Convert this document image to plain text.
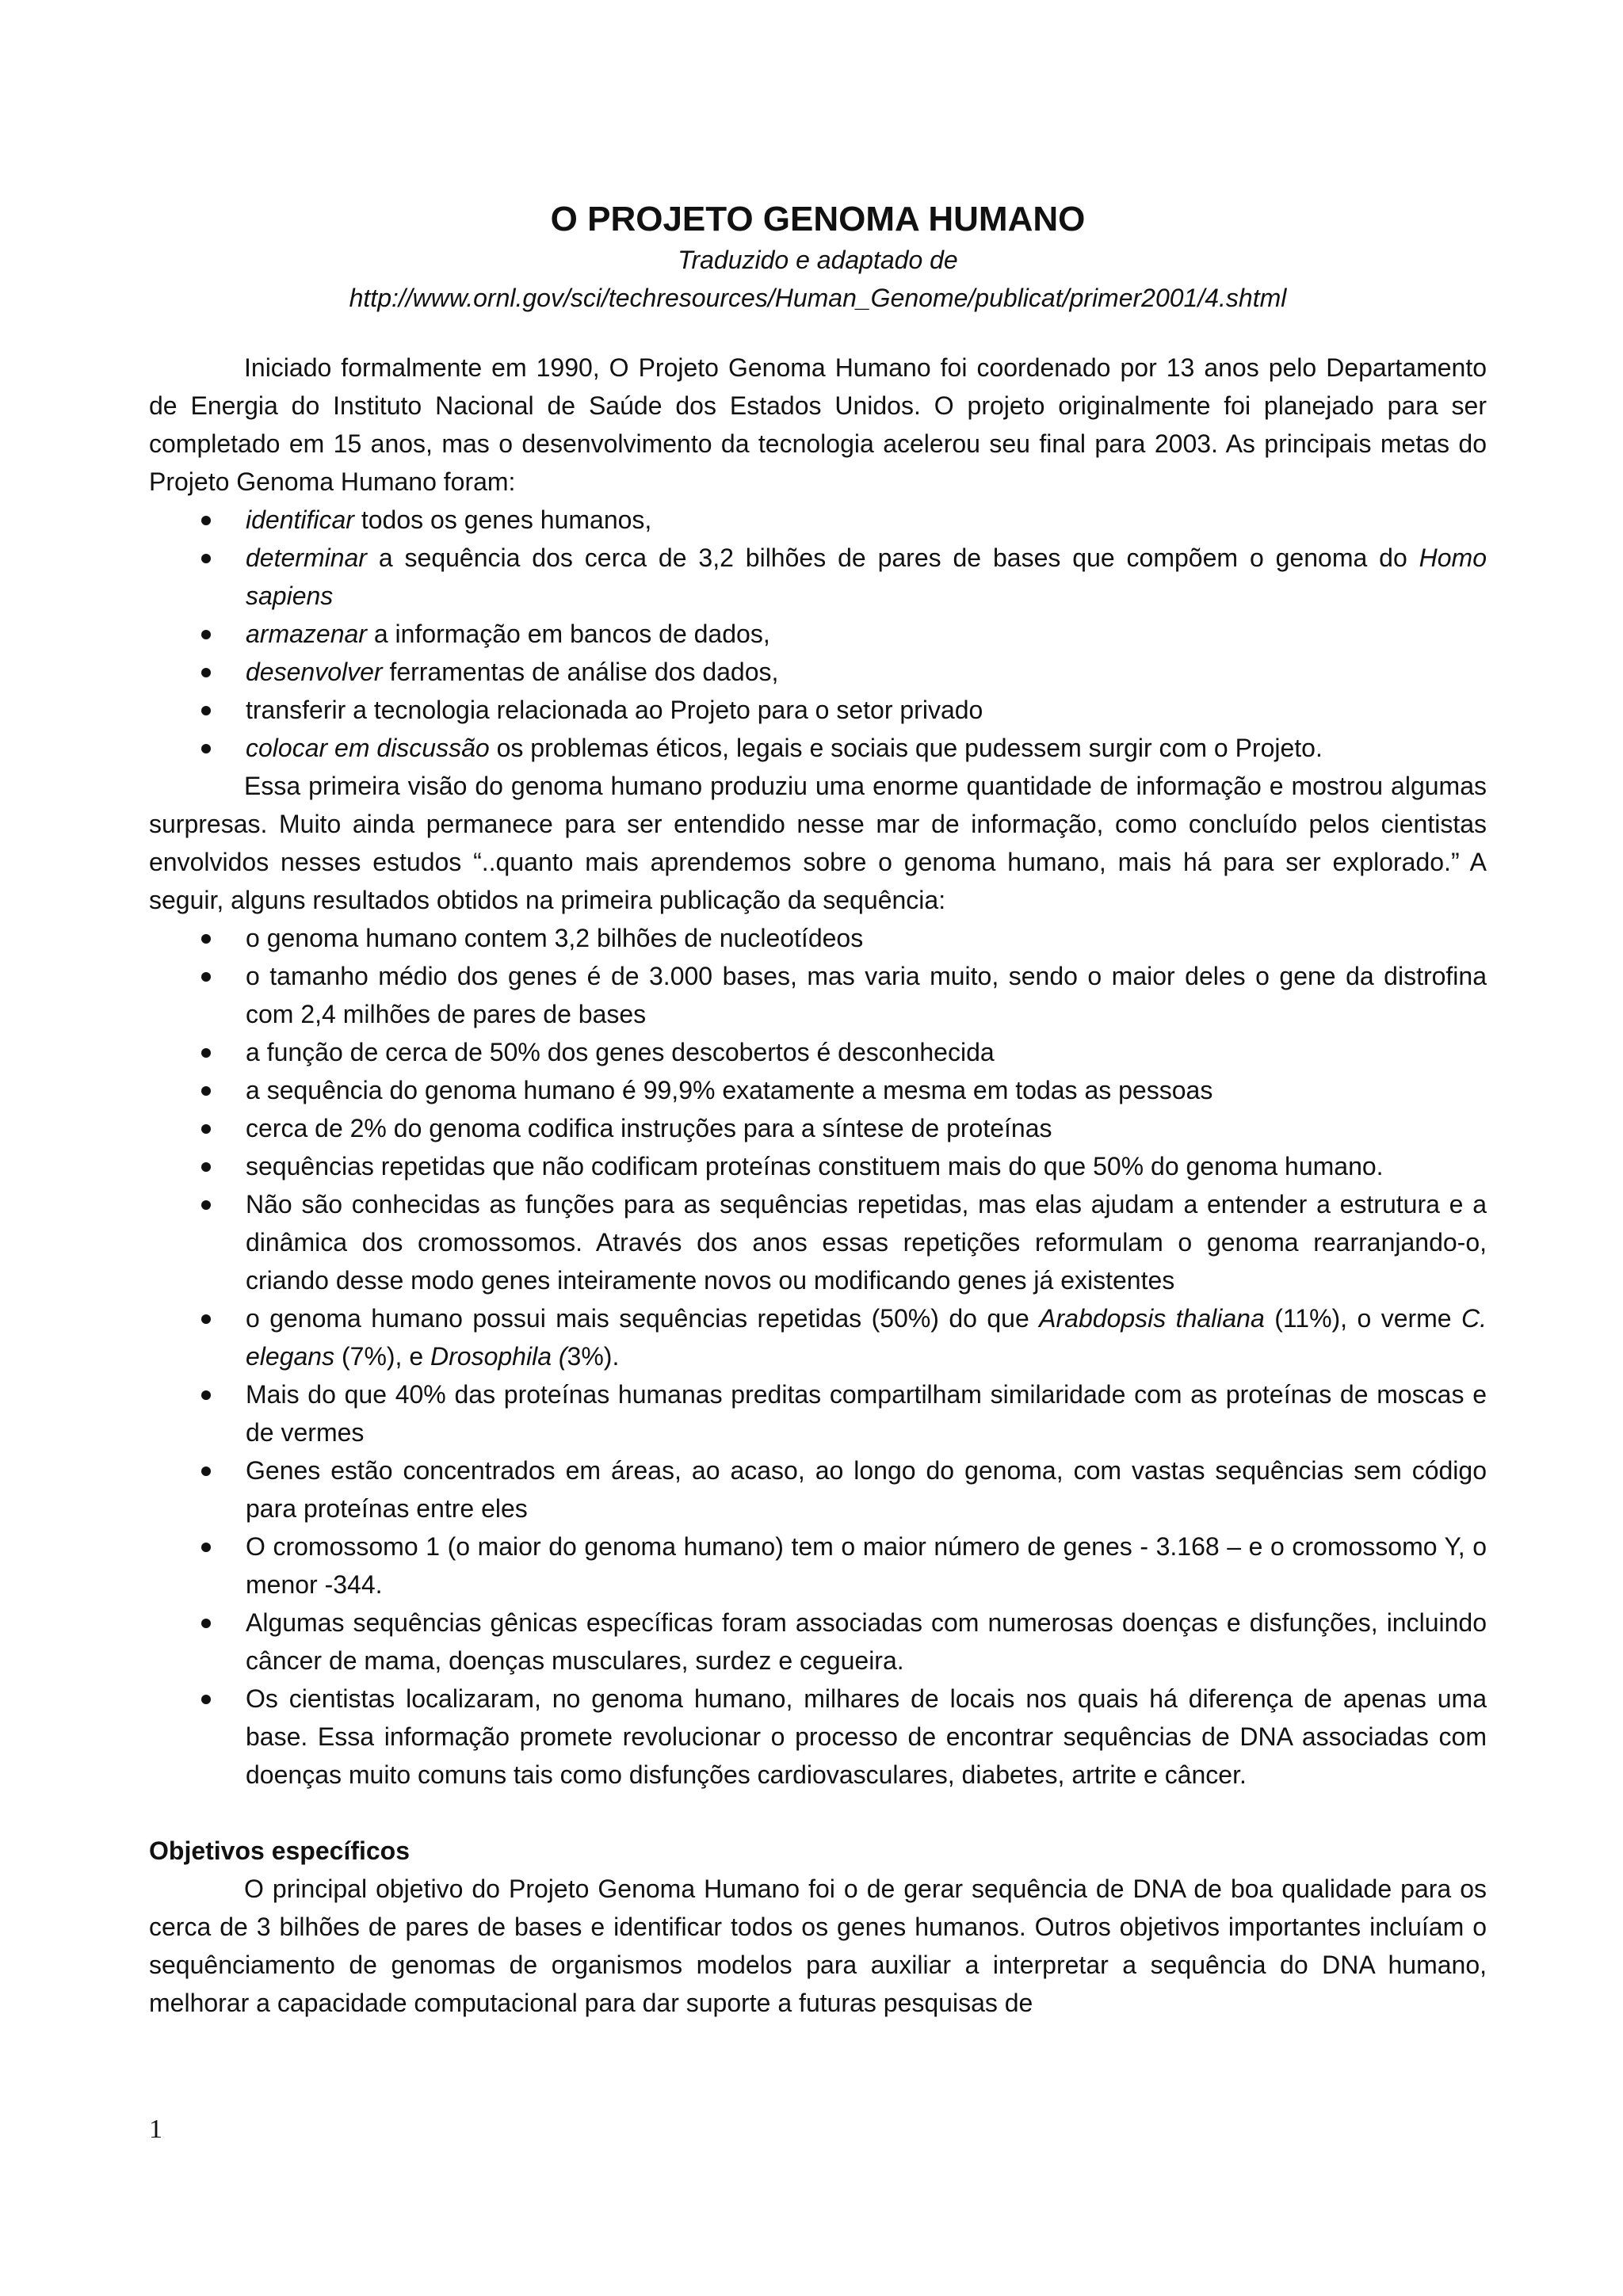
O PROJETO GENOMA HUMANO

Traduzido e adaptado de

http://www.ornl.gov/sci/techresources/Human_Genome/publicat/primer2001/4.shtml

Iniciado formalmente em 1990, O Projeto Genoma Humano foi coordenado por 13 anos pelo Departamento de Energia do Instituto Nacional de Saúde dos Estados Unidos. O projeto originalmente foi planejado para ser completado em 15 anos, mas o desenvolvimento da tecnologia acelerou seu final para 2003. As principais metas do Projeto Genoma Humano foram:

identificar todos os genes humanos,
determinar a sequência dos cerca de 3,2 bilhões de pares de bases que compõem o genoma do Homo sapiens
armazenar a informação em bancos de dados,
desenvolver ferramentas de análise dos dados,
transferir a tecnologia relacionada ao Projeto para o setor privado
colocar em discussão os problemas éticos, legais e sociais que pudessem surgir com o Projeto.

Essa primeira visão do genoma humano produziu uma enorme quantidade de informação e mostrou algumas surpresas. Muito ainda permanece para ser entendido nesse mar de informação, como concluído pelos cientistas envolvidos nesses estudos “..quanto mais aprendemos sobre o genoma humano, mais há para ser explorado.” A seguir, alguns resultados obtidos na primeira publicação da sequência:

o genoma humano contem 3,2 bilhões de nucleotídeos
o tamanho médio dos genes é de 3.000 bases, mas varia muito, sendo o maior deles o gene da distrofina com 2,4 milhões de pares de bases
a função de cerca de 50% dos genes descobertos é desconhecida
a sequência do genoma humano é 99,9% exatamente a mesma em todas as pessoas
cerca de 2% do genoma codifica instruções para a síntese de proteínas
sequências repetidas que não codificam proteínas constituem mais do que 50% do genoma humano.
Não são conhecidas as funções para as sequências repetidas, mas elas ajudam a entender a estrutura e a dinâmica dos cromossomos. Através dos anos essas repetições reformulam o genoma rearranjando-o, criando desse modo genes inteiramente novos ou modificando genes já existentes
o genoma humano possui mais sequências repetidas (50%) do que Arabdopsis thaliana (11%), o verme C. elegans (7%), e Drosophila (3%).
Mais do que 40% das proteínas humanas preditas compartilham similaridade com as proteínas de moscas e de vermes
Genes estão concentrados em áreas, ao acaso, ao longo do genoma, com vastas sequências sem código para proteínas entre eles
O cromossomo 1 (o maior do genoma humano) tem o maior número de genes - 3.168 – e o cromossomo Y, o menor -344.
Algumas sequências gênicas específicas foram associadas com numerosas doenças e disfunções, incluindo câncer de mama, doenças musculares, surdez e cegueira.
Os cientistas localizaram, no genoma humano, milhares de locais nos quais há diferença de apenas uma base. Essa informação promete revolucionar o processo de encontrar sequências de DNA associadas com doenças muito comuns tais como disfunções cardiovasculares, diabetes, artrite e câncer.

Objetivos específicos

O principal objetivo do Projeto Genoma Humano foi o de gerar sequência de DNA de boa qualidade para os cerca de 3 bilhões de pares de bases e identificar todos os genes humanos. Outros objetivos importantes incluíam o sequênciamento de genomas de organismos modelos para auxiliar a interpretar a sequência do DNA humano, melhorar a capacidade computacional para dar suporte a futuras pesquisas de

1
